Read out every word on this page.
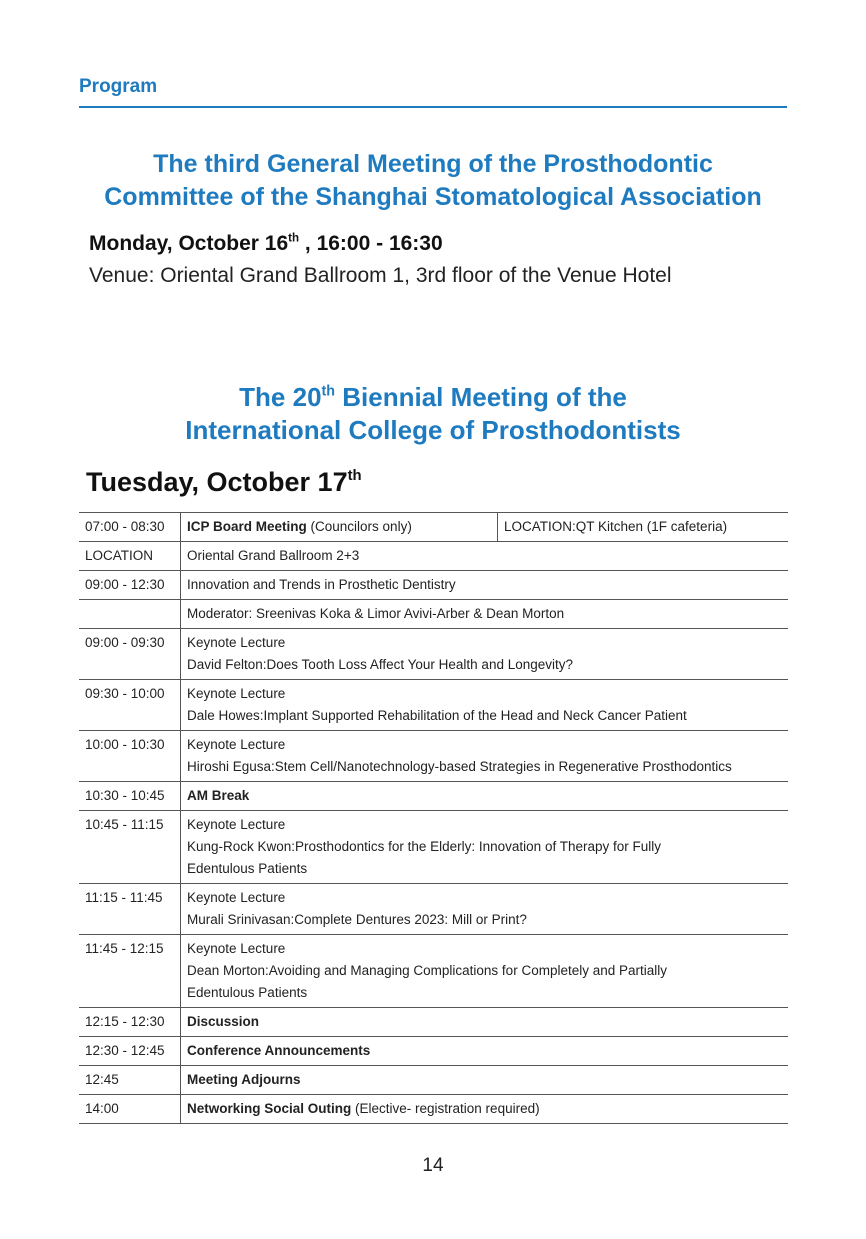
Program
The third General Meeting of the Prosthodontic
Committee of the Shanghai Stomatological Association
Monday, October 16th , 16:00 - 16:30
Venue: Oriental Grand Ballroom 1, 3rd floor of the Venue Hotel
The 20th Biennial Meeting of the
International College of Prosthodontists
Tuesday, October 17th
07:00 - 08:30	ICP Board Meeting (Councilors only)	LOCATION:QT Kitchen (1F cafeteria)
LOCATION	Oriental Grand Ballroom 2+3	
09:00 - 12:30	Innovation and Trends in Prosthetic Dentistry	
	Moderator: Sreenivas Koka & Limor Avivi-Arber & Dean Morton	
09:00 - 09:30	Keynote Lecture
David Felton:Does Tooth Loss Affect Your Health and Longevity?	

09:30 - 10:00	Keynote Lecture
Dale Howes:Implant Supported Rehabilitation of the Head and Neck Cancer Patient	

10:00 - 10:30	Keynote Lecture
Hiroshi Egusa:Stem Cell/Nanotechnology-based Strategies in Regenerative Prosthodontics	

10:30 - 10:45	AM Break	
10:45 - 11:15	Keynote Lecture
Kung-Rock Kwon:Prosthodontics for the Elderly: Innovation of Therapy for Fully
Edentulous Patients	

11:15 - 11:45	Keynote Lecture
Murali Srinivasan:Complete Dentures 2023: Mill or Print?	

11:45 - 12:15	Keynote Lecture
Dean Morton:Avoiding and Managing Complications for Completely and Partially
Edentulous Patients	

12:15 - 12:30	Discussion	
12:30 - 12:45	Conference Announcements	
12:45	Meeting Adjourns	
14:00	Networking Social Outing (Elective- registration required)	
14
